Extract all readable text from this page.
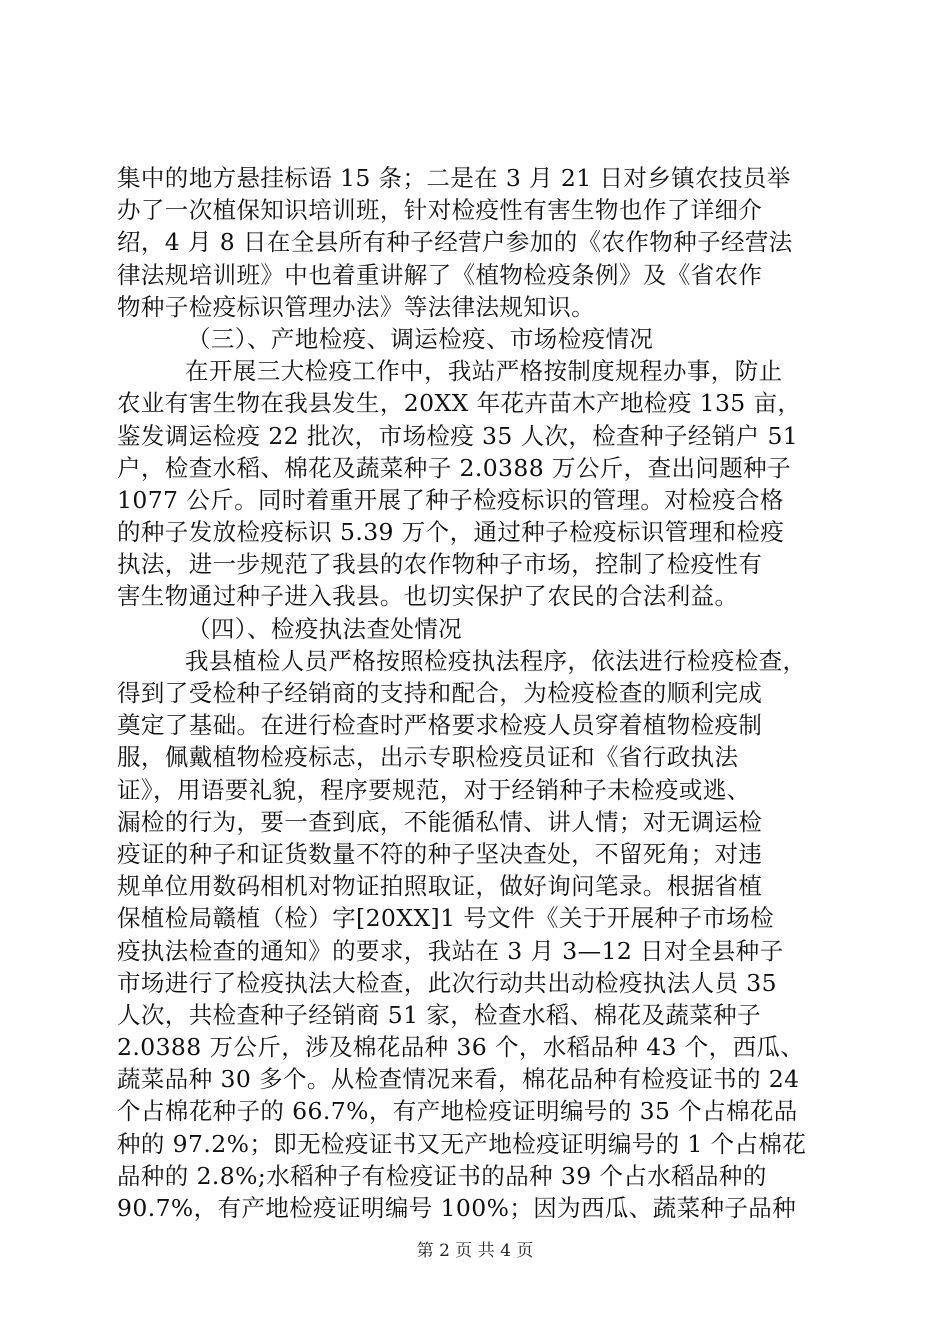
集中的地方悬挂标语 15 条；二是在 3 月 21 日对乡镇农技员举
办了一次植保知识培训班，针对检疫性有害生物也作了详细介
绍，4 月 8 日在全县所有种子经营户参加的《农作物种子经营法
律法规培训班》中也着重讲解了《植物检疫条例》及《省农作
物种子检疫标识管理办法》等法律法规知识。
（三）、产地检疫、调运检疫、市场检疫情况
在开展三大检疫工作中，我站严格按制度规程办事，防止
农业有害生物在我县发生，20XX 年花卉苗木产地检疫 135 亩，
鉴发调运检疫 22 批次，市场检疫 35 人次，检查种子经销户 51
户，检查水稻、棉花及蔬菜种子 2.0388 万公斤，查出问题种子
1077 公斤。同时着重开展了种子检疫标识的管理。对检疫合格
的种子发放检疫标识 5.39 万个，通过种子检疫标识管理和检疫
执法，进一步规范了我县的农作物种子市场，控制了检疫性有
害生物通过种子进入我县。也切实保护了农民的合法利益。
（四）、检疫执法查处情况
我县植检人员严格按照检疫执法程序，依法进行检疫检查，
得到了受检种子经销商的支持和配合，为检疫检查的顺利完成
奠定了基础。在进行检查时严格要求检疫人员穿着植物检疫制
服，佩戴植物检疫标志，出示专职检疫员证和《省行政执法
证》，用语要礼貌，程序要规范，对于经销种子未检疫或逃、
漏检的行为，要一查到底，不能循私情、讲人情；对无调运检
疫证的种子和证货数量不符的种子坚决查处，不留死角；对违
规单位用数码相机对物证拍照取证，做好询问笔录。根据省植
保植检局赣植（检）字[20XX]1 号文件《关于开展种子市场检
疫执法检查的通知》的要求，我站在 3 月 3—12 日对全县种子
市场进行了检疫执法大检查，此次行动共出动检疫执法人员 35
人次，共检查种子经销商 51 家，检查水稻、棉花及蔬菜种子
2.0388 万公斤，涉及棉花品种 36 个，水稻品种 43 个，西瓜、
蔬菜品种 30 多个。从检查情况来看，棉花品种有检疫证书的 24
个占棉花种子的 66.7%，有产地检疫证明编号的 35 个占棉花品
种的 97.2%；即无检疫证书又无产地检疫证明编号的 1 个占棉花
品种的 2.8%;水稻种子有检疫证书的品种 39 个占水稻品种的
90.7%，有产地检疫证明编号 100%；因为西瓜、蔬菜种子品种
第 2 页 共 4 页
